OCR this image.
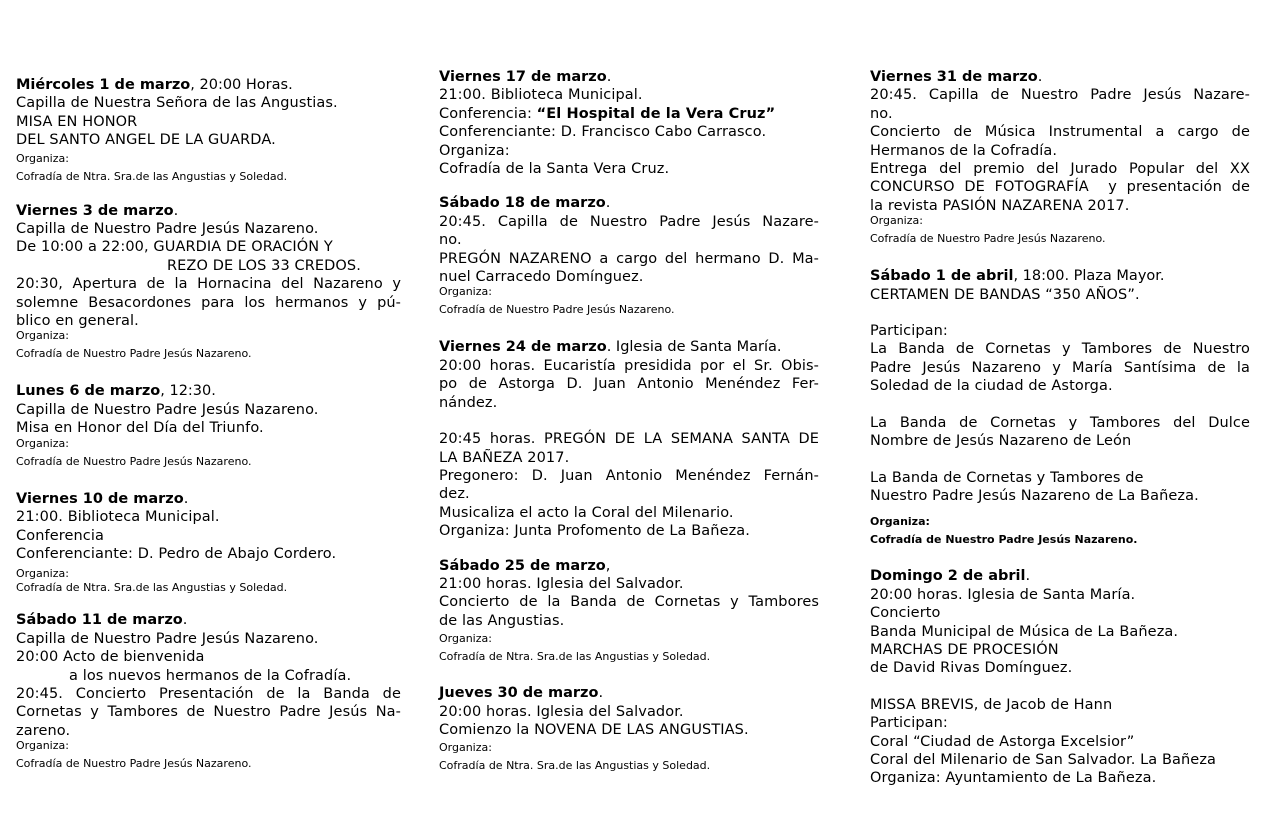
Miércoles 1 de marzo, 20:00 Horas.
Capilla de Nuestra Señora de las Angustias.
MISA EN HONOR
DEL SANTO ANGEL DE LA GUARDA.
Organiza:
Cofradía de Ntra. Sra.de las Angustias y Soledad.
Viernes 3 de marzo.
Capilla de Nuestro Padre Jesús Nazareno.
De 10:00 a 22:00, GUARDIA DE ORACIÓN Y
REZO DE LOS 33 CREDOS.
20:30, Apertura de la Hornacina del Nazareno y
solemne Besacordones para los hermanos y pú-
blico en general.
Organiza:
Cofradía de Nuestro Padre Jesús Nazareno.
Lunes 6 de marzo, 12:30.
Capilla de Nuestro Padre Jesús Nazareno.
Misa en Honor del Día del Triunfo.
Organiza:
Cofradía de Nuestro Padre Jesús Nazareno.
Viernes 10 de marzo.
21:00. Biblioteca Municipal.
Conferencia
Conferenciante: D. Pedro de Abajo Cordero.
Organiza:
Cofradía de Ntra. Sra.de las Angustias y Soledad.
Sábado 11 de marzo.
Capilla de Nuestro Padre Jesús Nazareno.
20:00 Acto de bienvenida
a los nuevos hermanos de la Cofradía.
20:45. Concierto Presentación de la Banda de
Cornetas y Tambores de Nuestro Padre Jesús Na-
zareno.
Organiza:
Cofradía de Nuestro Padre Jesús Nazareno.
Viernes 17 de marzo.
21:00. Biblioteca Municipal.
Conferencia: “El Hospital de la Vera Cruz”
Conferenciante: D. Francisco Cabo Carrasco.
Organiza:
Cofradía de la Santa Vera Cruz.
Sábado 18 de marzo.
20:45. Capilla de Nuestro Padre Jesús Nazare-
no.
PREGÓN NAZARENO a cargo del hermano D. Ma-
nuel Carracedo Domínguez.
Organiza:
Cofradía de Nuestro Padre Jesús Nazareno.
Viernes 24 de marzo. Iglesia de Santa María.
20:00 horas. Eucaristía presidida por el Sr. Obis-
po de Astorga D. Juan Antonio Menéndez Fer-
nández.
20:45 horas. PREGÓN DE LA SEMANA SANTA DE
LA BAÑEZA 2017.
Pregonero: D. Juan Antonio Menéndez Fernán-
dez.
Musicaliza el acto la Coral del Milenario.
Organiza: Junta Profomento de La Bañeza.
Sábado 25 de marzo,
21:00 horas. Iglesia del Salvador.
Concierto de la Banda de Cornetas y Tambores
de las Angustias.
Organiza:
Cofradía de Ntra. Sra.de las Angustias y Soledad.
Jueves 30 de marzo.
20:00 horas. Iglesia del Salvador.
Comienzo la NOVENA DE LAS ANGUSTIAS.
Organiza:
Cofradía de Ntra. Sra.de las Angustias y Soledad.
Viernes 31 de marzo.
20:45. Capilla de Nuestro Padre Jesús Nazare-
no.
Concierto de Música Instrumental a cargo de
Hermanos de la Cofradía.
Entrega del premio del Jurado Popular del XX
CONCURSO DE FOTOGRAFÍA  y presentación de
la revista PASIÓN NAZARENA 2017.
Organiza:
Cofradía de Nuestro Padre Jesús Nazareno.
Sábado 1 de abril, 18:00. Plaza Mayor.
CERTAMEN DE BANDAS “350 AÑOS”.
Participan:
La Banda de Cornetas y Tambores de Nuestro
Padre Jesús Nazareno y María Santísima de la
Soledad de la ciudad de Astorga.
La Banda de Cornetas y Tambores del Dulce
Nombre de Jesús Nazareno de León
La Banda de Cornetas y Tambores de
Nuestro Padre Jesús Nazareno de La Bañeza.
Organiza:
Cofradía de Nuestro Padre Jesús Nazareno.
Domingo 2 de abril.
20:00 horas. Iglesia de Santa María.
Concierto
Banda Municipal de Música de La Bañeza.
MARCHAS DE PROCESIÓN
de David Rivas Domínguez.
MISSA BREVIS, de Jacob de Hann
Participan:
Coral “Ciudad de Astorga Excelsior”
Coral del Milenario de San Salvador. La Bañeza
Organiza: Ayuntamiento de La Bañeza.
